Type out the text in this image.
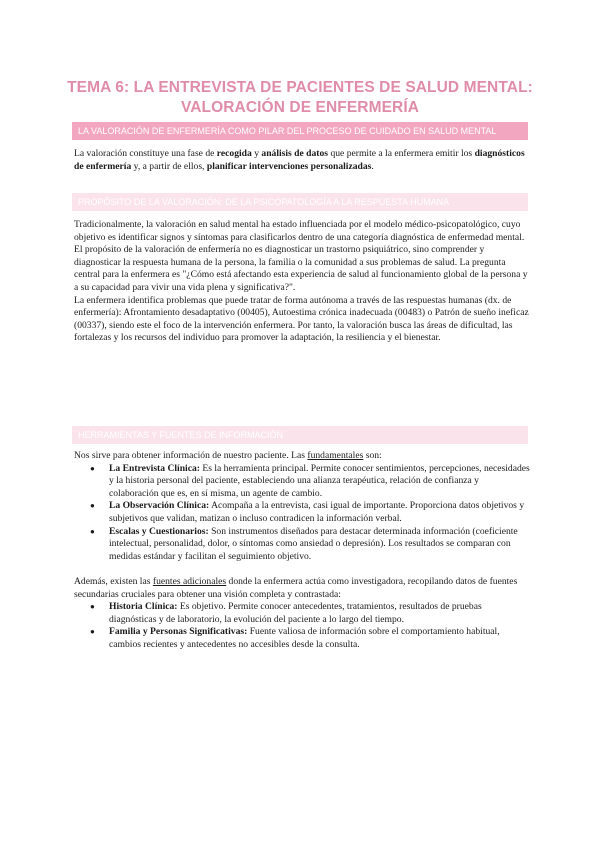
TEMA 6: LA ENTREVISTA DE PACIENTES DE SALUD MENTAL:
VALORACIÓN DE ENFERMERÍA
LA VALORACIÓN DE ENFERMERÍA COMO PILAR DEL PROCESO DE CUIDADO EN SALUD MENTAL

La valoración constituye una fase de recogida y análisis de datos que permite a la enfermera emitir los diagnósticos de enfermería y, a partir de ellos, planificar intervenciones personalizadas.

PROPÓSITO DE LA VALORACIÓN: DE LA PSICOPATOLOGÍA A LA RESPUESTA HUMANA

Tradicionalmente, la valoración en salud mental ha estado influenciada por el modelo médico-psicopatológico, cuyo objetivo es identificar signos y síntomas para clasificarlos dentro de una categoría diagnóstica de enfermedad mental.

El propósito de la valoración de enfermería no es diagnosticar un trastorno psiquiátrico, sino comprender y diagnosticar la respuesta humana de la persona, la familia o la comunidad a sus problemas de salud. La pregunta central para la enfermera es "¿Cómo está afectando esta experiencia de salud al funcionamiento global de la persona y a su capacidad para vivir una vida plena y significativa?".

La enfermera identifica problemas que puede tratar de forma autónoma a través de las respuestas humanas (dx. de enfermería): Afrontamiento desadaptativo (00405), Autoestima crónica inadecuada (00483) o Patrón de sueño ineficaz (00337), siendo este el foco de la intervención enfermera. Por tanto, la valoración busca las áreas de dificultad, las fortalezas y los recursos del individuo para promover la adaptación, la resiliencia y el bienestar.

HERRAMIENTAS Y FUENTES DE INFORMACIÓN

Nos sirve para obtener información de nuestro paciente. Las fundamentales son:

● La Entrevista Clínica: Es la herramienta principal. Permite conocer sentimientos, percepciones, necesidades y la historia personal del paciente, estableciendo una alianza terapéutica, relación de confianza y colaboración que es, en sí misma, un agente de cambio.
● La Observación Clínica: Acompaña a la entrevista, casi igual de importante. Proporciona datos objetivos y subjetivos que validan, matizan o incluso contradicen la información verbal.
● Escalas y Cuestionarios: Son instrumentos diseñados para destacar determinada información (coeficiente intelectual, personalidad, dolor, o síntomas como ansiedad o depresión). Los resultados se comparan con medidas estándar y facilitan el seguimiento objetivo.

Además, existen las fuentes adicionales donde la enfermera actúa como investigadora, recopilando datos de fuentes secundarias cruciales para obtener una visión completa y contrastada:

● Historia Clínica: Es objetivo. Permite conocer antecedentes, tratamientos, resultados de pruebas diagnósticas y de laboratorio, la evolución del paciente a lo largo del tiempo.
● Familia y Personas Significativas: Fuente valiosa de información sobre el comportamiento habitual, cambios recientes y antecedentes no accesibles desde la consulta.
